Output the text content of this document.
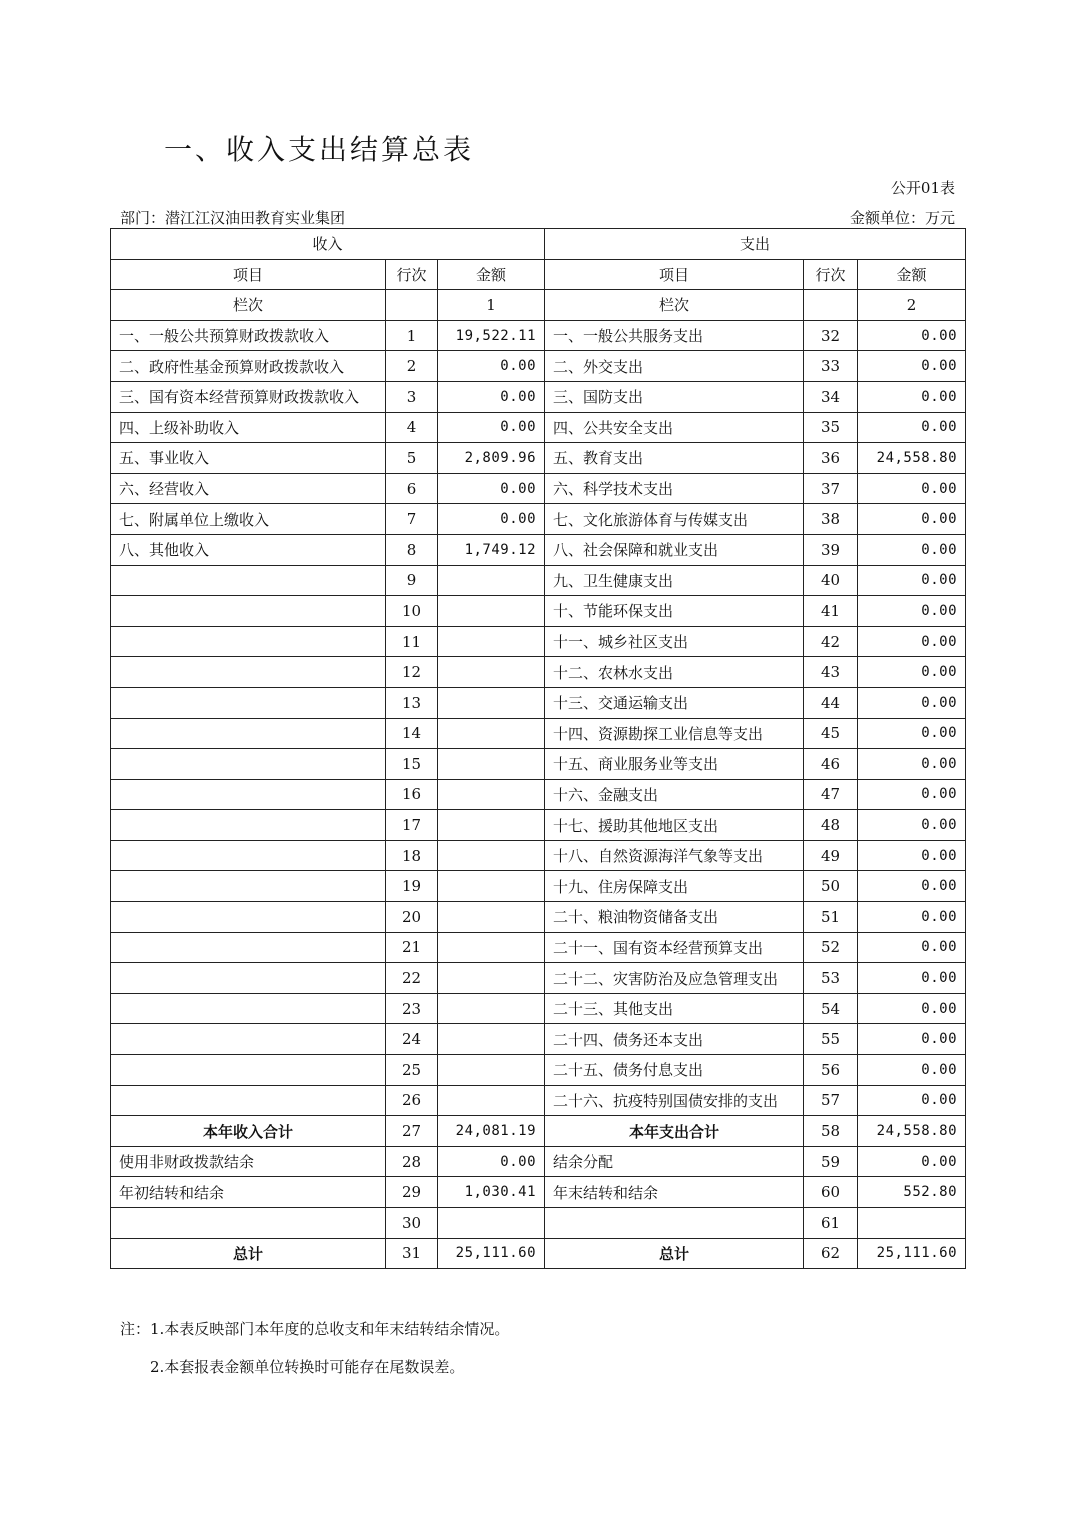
一、收入支出结算总表
公开01表
部门：潜江江汉油田教育实业集团	金额单位：万元
收入			支出		
项目	行次	金额	项目	行次	金额
栏次		1	栏次		2
一、一般公共预算财政拨款收入	1	19,522.11	一、一般公共服务支出	32	0.00
二、政府性基金预算财政拨款收入	2	0.00	二、外交支出	33	0.00
三、国有资本经营预算财政拨款收入	3	0.00	三、国防支出	34	0.00
四、上级补助收入	4	0.00	四、公共安全支出	35	0.00
五、事业收入	5	2,809.96	五、教育支出	36	24,558.80
六、经营收入	6	0.00	六、科学技术支出	37	0.00
七、附属单位上缴收入	7	0.00	七、文化旅游体育与传媒支出	38	0.00
八、其他收入	8	1,749.12	八、社会保障和就业支出	39	0.00
	9		九、卫生健康支出	40	0.00
	10		十、节能环保支出	41	0.00
	11		十一、城乡社区支出	42	0.00
	12		十二、农林水支出	43	0.00
	13		十三、交通运输支出	44	0.00
	14		十四、资源勘探工业信息等支出	45	0.00
	15		十五、商业服务业等支出	46	0.00
	16		十六、金融支出	47	0.00
	17		十七、援助其他地区支出	48	0.00
	18		十八、自然资源海洋气象等支出	49	0.00
	19		十九、住房保障支出	50	0.00
	20		二十、粮油物资储备支出	51	0.00
	21		二十一、国有资本经营预算支出	52	0.00
	22		二十二、灾害防治及应急管理支出	53	0.00
	23		二十三、其他支出	54	0.00
	24		二十四、债务还本支出	55	0.00
	25		二十五、债务付息支出	56	0.00
	26		二十六、抗疫特别国债安排的支出	57	0.00
本年收入合计	27	24,081.19	本年支出合计	58	24,558.80
使用非财政拨款结余	28	0.00	结余分配	59	0.00
年初结转和结余	29	1,030.41	年末结转和结余	60	552.80
	30			61	
总计	31	25,111.60	总计	62	25,111.60
注：1.本表反映部门本年度的总收支和年末结转结余情况。
2.本套报表金额单位转换时可能存在尾数误差。
